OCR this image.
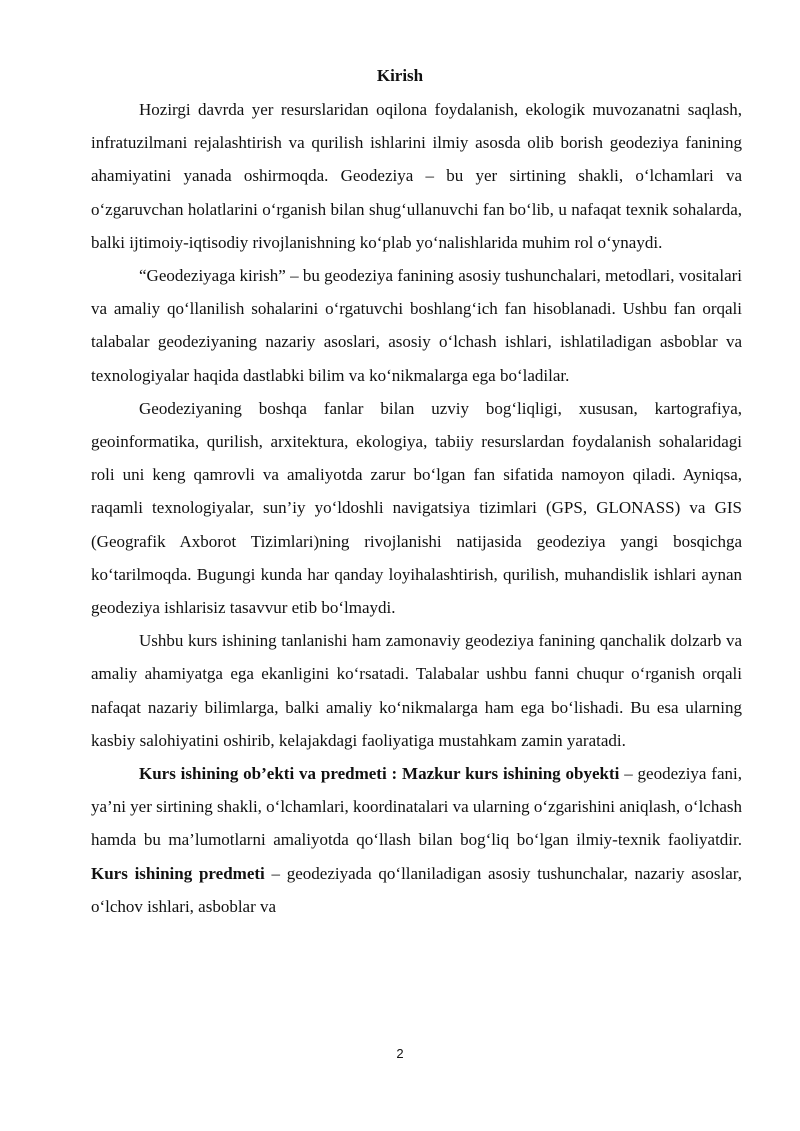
Kirish

Hozirgi davrda yer resurslaridan oqilona foydalanish, ekologik muvozanatni saqlash, infratuzilmani rejalashtirish va qurilish ishlarini ilmiy asosda olib borish geodeziya fanining ahamiyatini yanada oshirmoqda. Geodeziya – bu yer sirtining shakli, o‘lchamlari va o‘zgaruvchan holatlarini o‘rganish bilan shug‘ullanuvchi fan bo‘lib, u nafaqat texnik sohalarda, balki ijtimoiy-iqtisodiy rivojlanishning ko‘plab yo‘nalishlarida muhim rol o‘ynaydi.

“Geodeziyaga kirish” – bu geodeziya fanining asosiy tushunchalari, metodlari, vositalari va amaliy qo‘llanilish sohalarini o‘rgatuvchi boshlang‘ich fan hisoblanadi. Ushbu fan orqali talabalar geodeziyaning nazariy asoslari, asosiy o‘lchash ishlari, ishlatiladigan asboblar va texnologiyalar haqida dastlabki bilim va ko‘nikmalarga ega bo‘ladilar.

Geodeziyaning boshqa fanlar bilan uzviy bog‘liqligi, xususan, kartografiya, geoinformatika, qurilish, arxitektura, ekologiya, tabiiy resurslardan foydalanish sohalaridagi roli uni keng qamrovli va amaliyotda zarur bo‘lgan fan sifatida namoyon qiladi. Ayniqsa, raqamli texnologiyalar, sun’iy yo‘ldoshli navigatsiya tizimlari (GPS, GLONASS) va GIS (Geografik Axborot Tizimlari)ning rivojlanishi natijasida geodeziya yangi bosqichga ko‘tarilmoqda. Bugungi kunda har qanday loyihalashtirish, qurilish, muhandislik ishlari aynan geodeziya ishlarisiz tasavvur etib bo‘lmaydi.

Ushbu kurs ishining tanlanishi ham zamonaviy geodeziya fanining qanchalik dolzarb va amaliy ahamiyatga ega ekanligini ko‘rsatadi. Talabalar ushbu fanni chuqur o‘rganish orqali nafaqat nazariy bilimlarga, balki amaliy ko‘nikmalarga ham ega bo‘lishadi. Bu esa ularning kasbiy salohiyatini oshirib, kelajakdagi faoliyatiga mustahkam zamin yaratadi.

Kurs ishining ob’ekti va predmeti : Mazkur kurs ishining obyekti – geodeziya fani, ya’ni yer sirtining shakli, o‘lchamlari, koordinatalari va ularning o‘zgarishini aniqlash, o‘lchash hamda bu ma’lumotlarni amaliyotda qo‘llash bilan bog‘liq bo‘lgan ilmiy-texnik faoliyatdir. Kurs ishining predmeti – geodeziyada qo‘llaniladigan asosiy tushunchalar, nazariy asoslar, o‘lchov ishlari, asboblar va

2
